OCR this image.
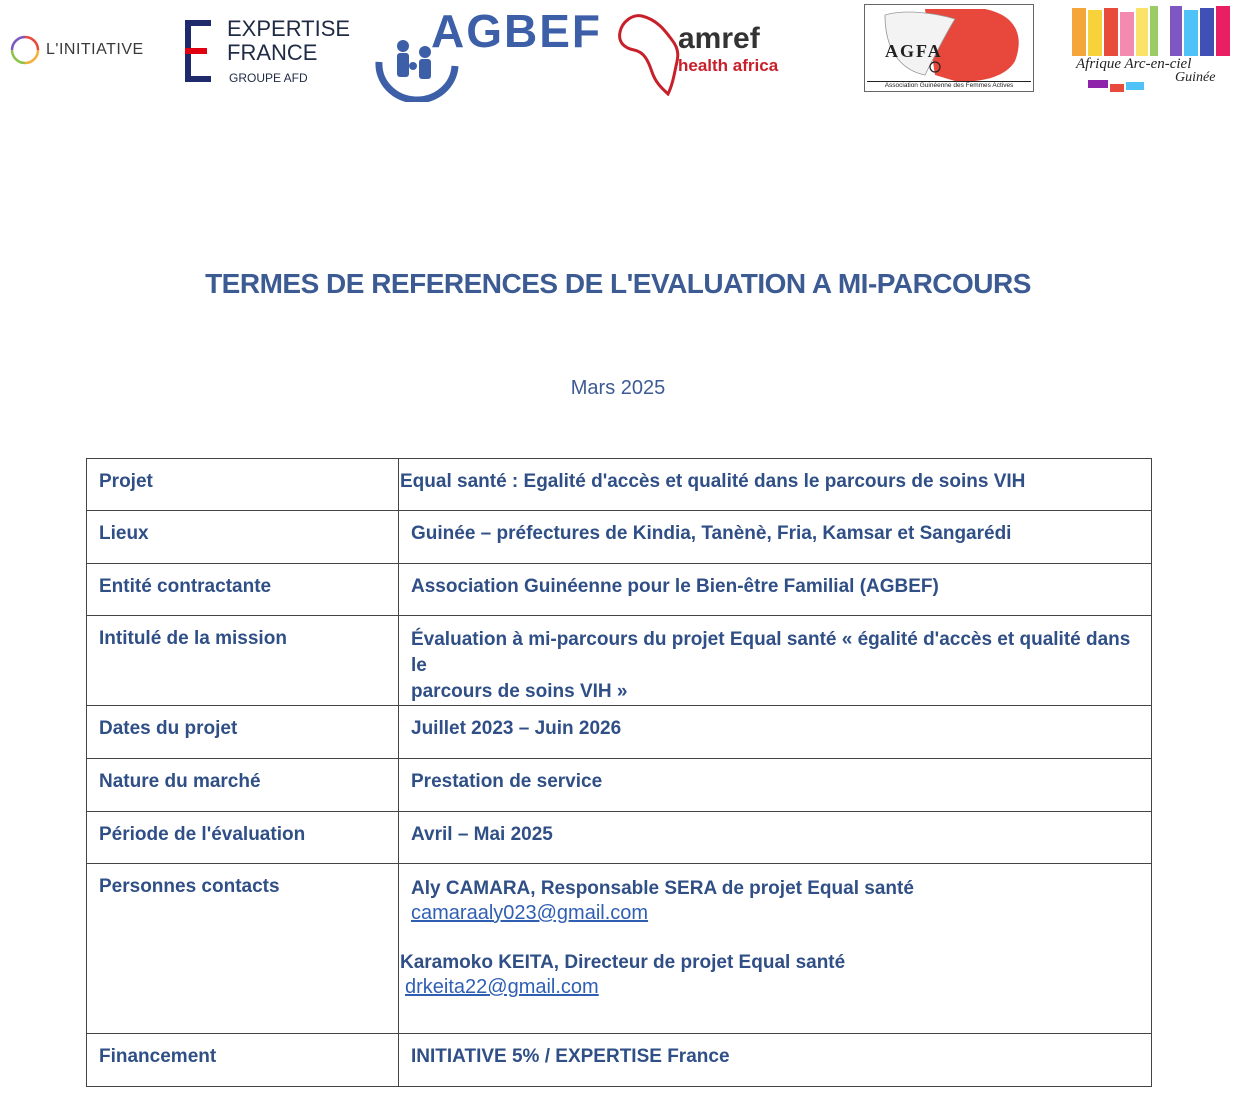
L'INITIATIVE
EXPERTISE
FRANCE
GROUPE AFD
AGBEF	amref
health africa
AGFA
Association Guinéenne des Femmes Actives
Afrique Arc-en-ciel
Guinée
TERMES DE REFERENCES DE L'EVALUATION A MI-PARCOURS
Mars 2025
Projet	Equal santé : Egalité d'accès et qualité dans le parcours de soins VIH
Lieux	Guinée – préfectures de Kindia, Tanènè, Fria, Kamsar et Sangarédi
Entité contractante	Association Guinéenne pour le Bien-être Familial (AGBEF)
Intitulé de la mission	Évaluation à mi-parcours du projet Equal santé « égalité d'accès et qualité dans le
parcours de soins VIH »

Dates du projet	Juillet 2023 – Juin 2026
Nature du marché	Prestation de service
Période de l'évaluation	Avril – Mai 2025
Personnes contacts	Aly CAMARA, Responsable SERA de projet Equal santé
camaraaly023@gmail.com
Karamoko KEITA, Directeur de projet Equal santé
drkeita22@gmail.com
Financement	INITIATIVE 5% / EXPERTISE France
